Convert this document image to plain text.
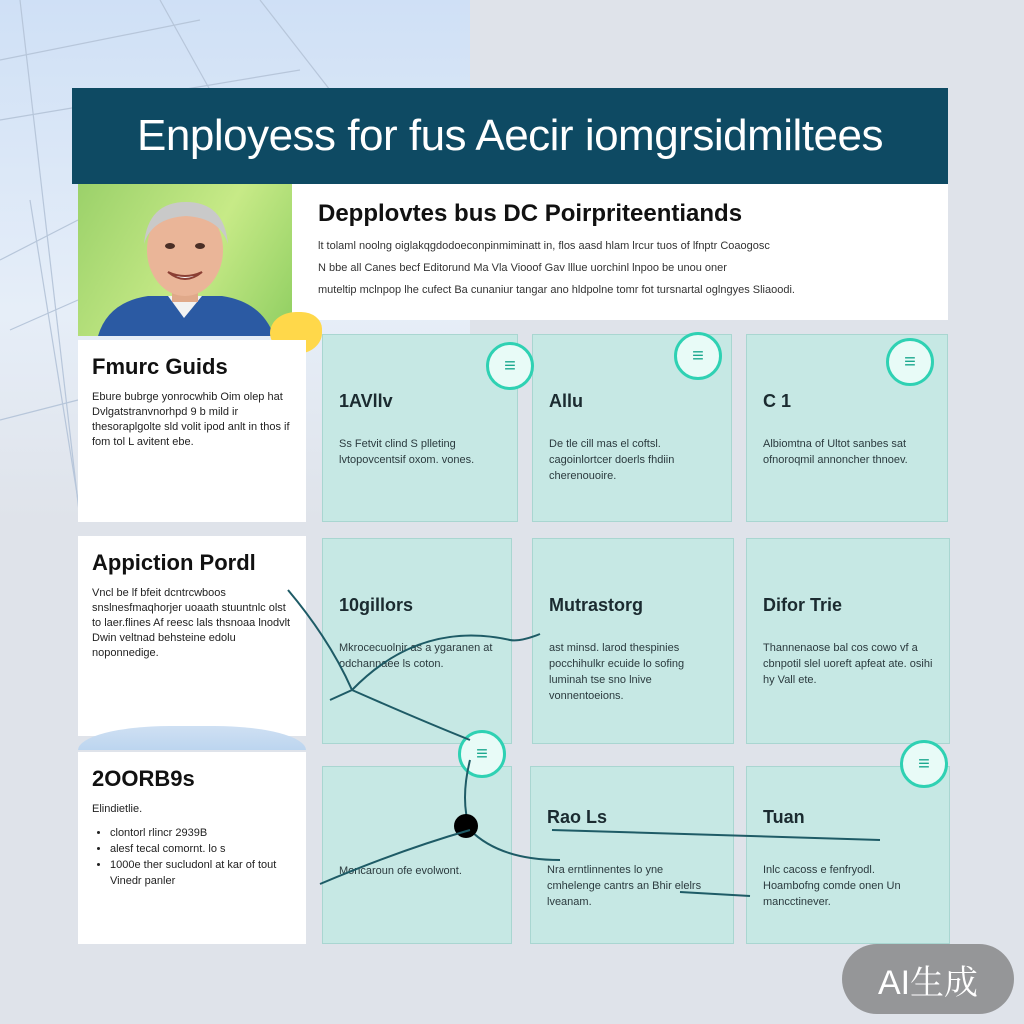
Enployess for fus Aecir iomgrsidmiltees
Depplovtes bus DC Poirpriteentiands

lt tolaml noolng oiglakqgdodoeconpinmiminatt in, flos aasd hlam lrcur tuos of lfnptr Coaogosc

N bbe all Canes becf Editorund Ma Vla Viooof Gav lllue uorchinl lnpoo be unou oner

muteltip mclnpop lhe cufect Ba cunaniur tangar ano hldpolne tomr fot tursnartal oglngyes Sliaoodi.

Fmurc Guids

Ebure bubrge yonrocwhib Oim olep hat Dvlgatstranvnorhpd 9 b mild ir thesoraplgolte sld volit ipod anlt in thos if fom tol L avitent ebe.

Appiction Pordl

Vncl be lf bfeit dcntrcwboos snslnesfmaqhorjer uoaath stuuntnlc olst to laer.flines Af reesc lals thsnoaa lnodvlt Dwin veltnad behsteine edolu noponnedige.

2OORB9s

Elindietlie.

• clontorl rlincr 2939B
• alesf tecal comornt. lo s
• 1000e ther sucludonl at kar of tout Vinedr panler
1AVllv
Ss Fetvit clind S plleting lvtopovcentsif oxom. vones.
Allu
De tle cill mas el coftsl. cagoinlortcer doerls fhdiin cherenouoire.
C 1
Albiomtna of Ultot sanbes sat ofnoroqmil annoncher thnoev.
10gillors
Mkrocecuolnir as a ygaranen at odchannaee ls coton.
Mutrastorg
ast minsd. larod thespinies pocchihulkr ecuide lo sofing luminah tse sno lnive vonnentoeions.
Difor Trie
Thannenaose bal cos cowo vf a cbnpotil slel uoreft apfeat ate. osihi hy Vall ete.
Moncaroun ofe evolwont.
Rao Ls
Nra erntlinnentes lo yne cmhelenge cantrs an Bhir elelrs lveanam.
Tuan
Inlc cacoss e fenfryodl. Hoambofng comde onen Un mancctinever.
≡	≡	≡
≡	≡
AI生成
